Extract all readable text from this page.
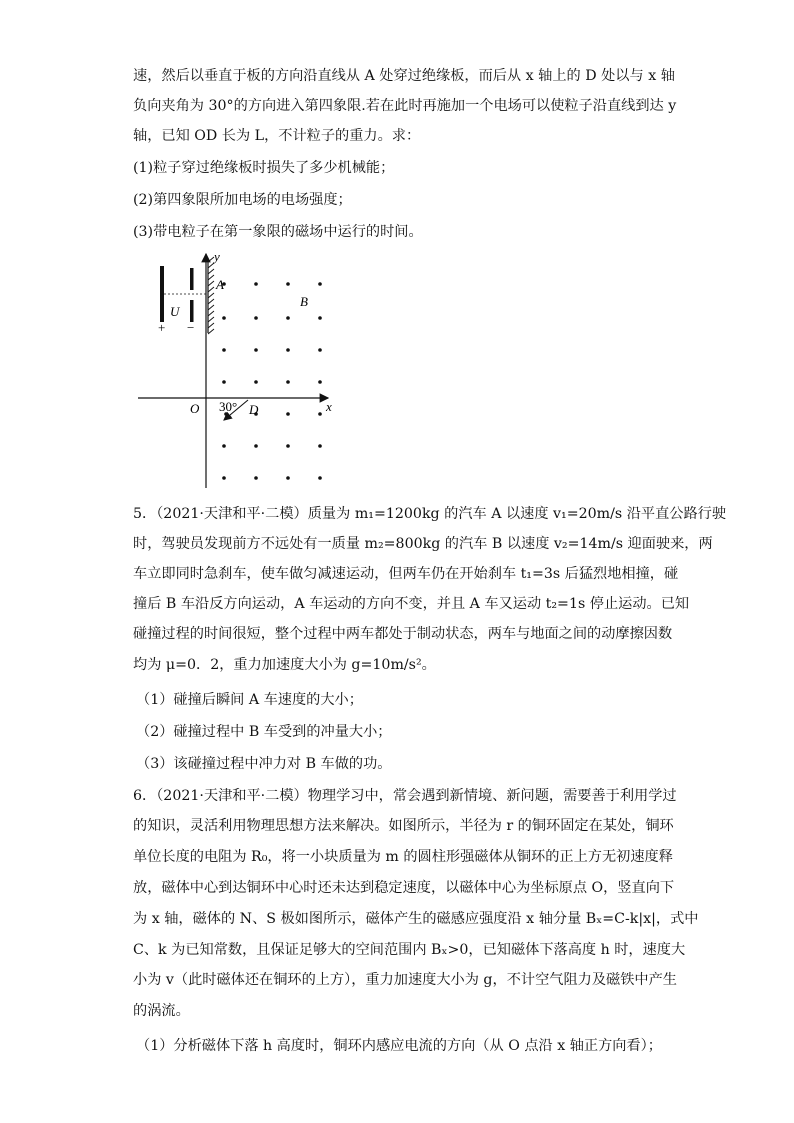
速，然后以垂直于板的方向沿直线从 A 处穿过绝缘板，而后从 x 轴上的 D 处以与 x 轴
负向夹角为 30°的方向进入第四象限.若在此时再施加一个电场可以使粒子沿直线到达 y
轴，已知 OD 长为 L，不计粒子的重力。求：
(1)粒子穿过绝缘板时损失了多少机械能；
(2)第四象限所加电场的电场强度；
(3)带电粒子在第一象限的磁场中运行的时间。
y
x
O
A
B
D
U
+ −
30°
5．（2021·天津和平·二模）质量为 m₁=1200kg 的汽车 A 以速度 v₁=20m/s 沿平直公路行驶
时，驾驶员发现前方不远处有一质量 m₂=800kg 的汽车 B 以速度 v₂=14m/s 迎面驶来，两
车立即同时急刹车，使车做匀减速运动，但两车仍在开始刹车 t₁=3s 后猛烈地相撞，碰
撞后 B 车沿反方向运动，A 车运动的方向不变，并且 A 车又运动 t₂=1s 停止运动。已知
碰撞过程的时间很短，整个过程中两车都处于制动状态，两车与地面之间的动摩擦因数
均为 μ=0．2，重力加速度大小为 g=10m/s²。
（1）碰撞后瞬间 A 车速度的大小；
（2）碰撞过程中 B 车受到的冲量大小；
（3）该碰撞过程中冲力对 B 车做的功。
6．（2021·天津和平·二模）物理学习中，常会遇到新情境、新问题，需要善于利用学过
的知识，灵活利用物理思想方法来解决。如图所示，半径为 r 的铜环固定在某处，铜环
单位长度的电阻为 R₀，将一小块质量为 m 的圆柱形强磁体从铜环的正上方无初速度释
放，磁体中心到达铜环中心时还未达到稳定速度，以磁体中心为坐标原点 O，竖直向下
为 x 轴，磁体的 N、S 极如图所示，磁体产生的磁感应强度沿 x 轴分量 Bₓ=C-k|x|，式中
C、k 为已知常数，且保证足够大的空间范围内 Bₓ>0，已知磁体下落高度 h 时，速度大
小为 v（此时磁体还在铜环的上方），重力加速度大小为 g，不计空气阻力及磁铁中产生
的涡流。
（1）分析磁体下落 h 高度时，铜环内感应电流的方向（从 O 点沿 x 轴正方向看）；
